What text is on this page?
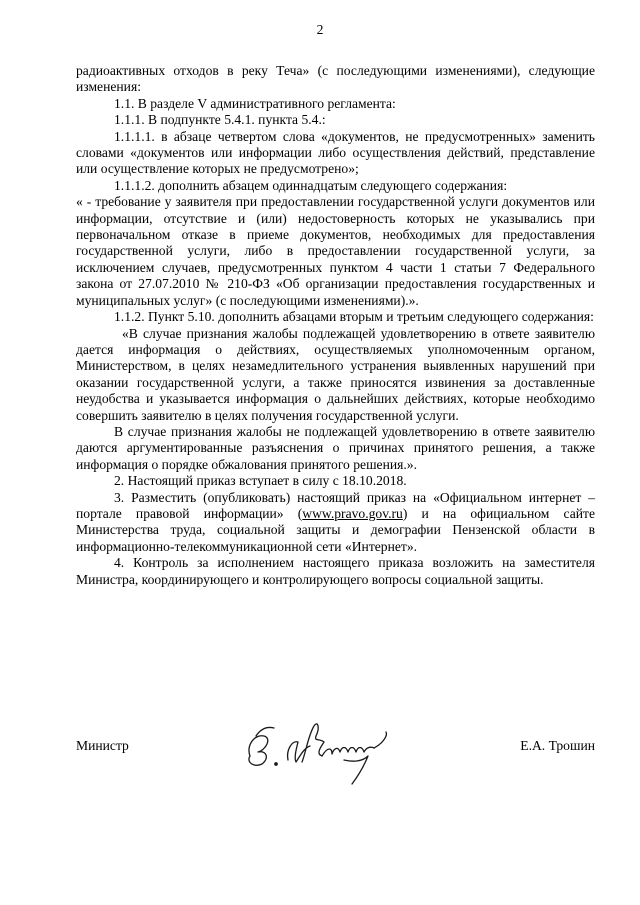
2

радиоактивных отходов в реку Теча» (с последующими изменениями), следующие изменения:

1.1. В разделе V административного регламента:

1.1.1. В подпункте 5.4.1. пункта 5.4.:

1.1.1.1. в абзаце четвертом слова «документов, не предусмотренных» заменить словами «документов или информации либо осуществления действий, представление или осуществление которых не предусмотрено»;

1.1.1.2. дополнить абзацем одиннадцатым следующего содержания:

« - требование у заявителя при предоставлении государственной услуги документов или информации, отсутствие и (или) недостоверность которых не указывались при первоначальном отказе в приеме документов, необходимых для предоставления государственной услуги, либо в предоставлении государственной услуги, за исключением случаев, предусмотренных пунктом 4 части 1 статьи 7 Федерального закона от 27.07.2010 № 210-ФЗ «Об организации предоставления государственных и муниципальных услуг» (с последующими изменениями).».

1.1.2. Пункт 5.10. дополнить абзацами вторым и третьим следующего содержания:

«В случае признания жалобы подлежащей удовлетворению в ответе заявителю дается информация о действиях, осуществляемых уполномоченным органом, Министерством, в целях незамедлительного устранения выявленных нарушений при оказании государственной услуги, а также приносятся извинения за доставленные неудобства и указывается информация о дальнейших действиях, которые необходимо совершить заявителю в целях получения государственной услуги.

В случае признания жалобы не подлежащей удовлетворению в ответе заявителю даются аргументированные разъяснения о причинах принятого решения, а также информация о порядке обжалования принятого решения.».

2. Настоящий приказ вступает в силу с 18.10.2018.

3. Разместить (опубликовать) настоящий приказ на «Официальном интернет – портале правовой информации» (www.pravo.gov.ru) и на официальном сайте Министерства труда, социальной защиты и демографии Пензенской области в информационно-телекоммуникационной сети «Интернет».

4. Контроль за исполнением настоящего приказа возложить на заместителя Министра, координирующего и контролирующего вопросы социальной защиты.

Министр	Е.А. Трошин
